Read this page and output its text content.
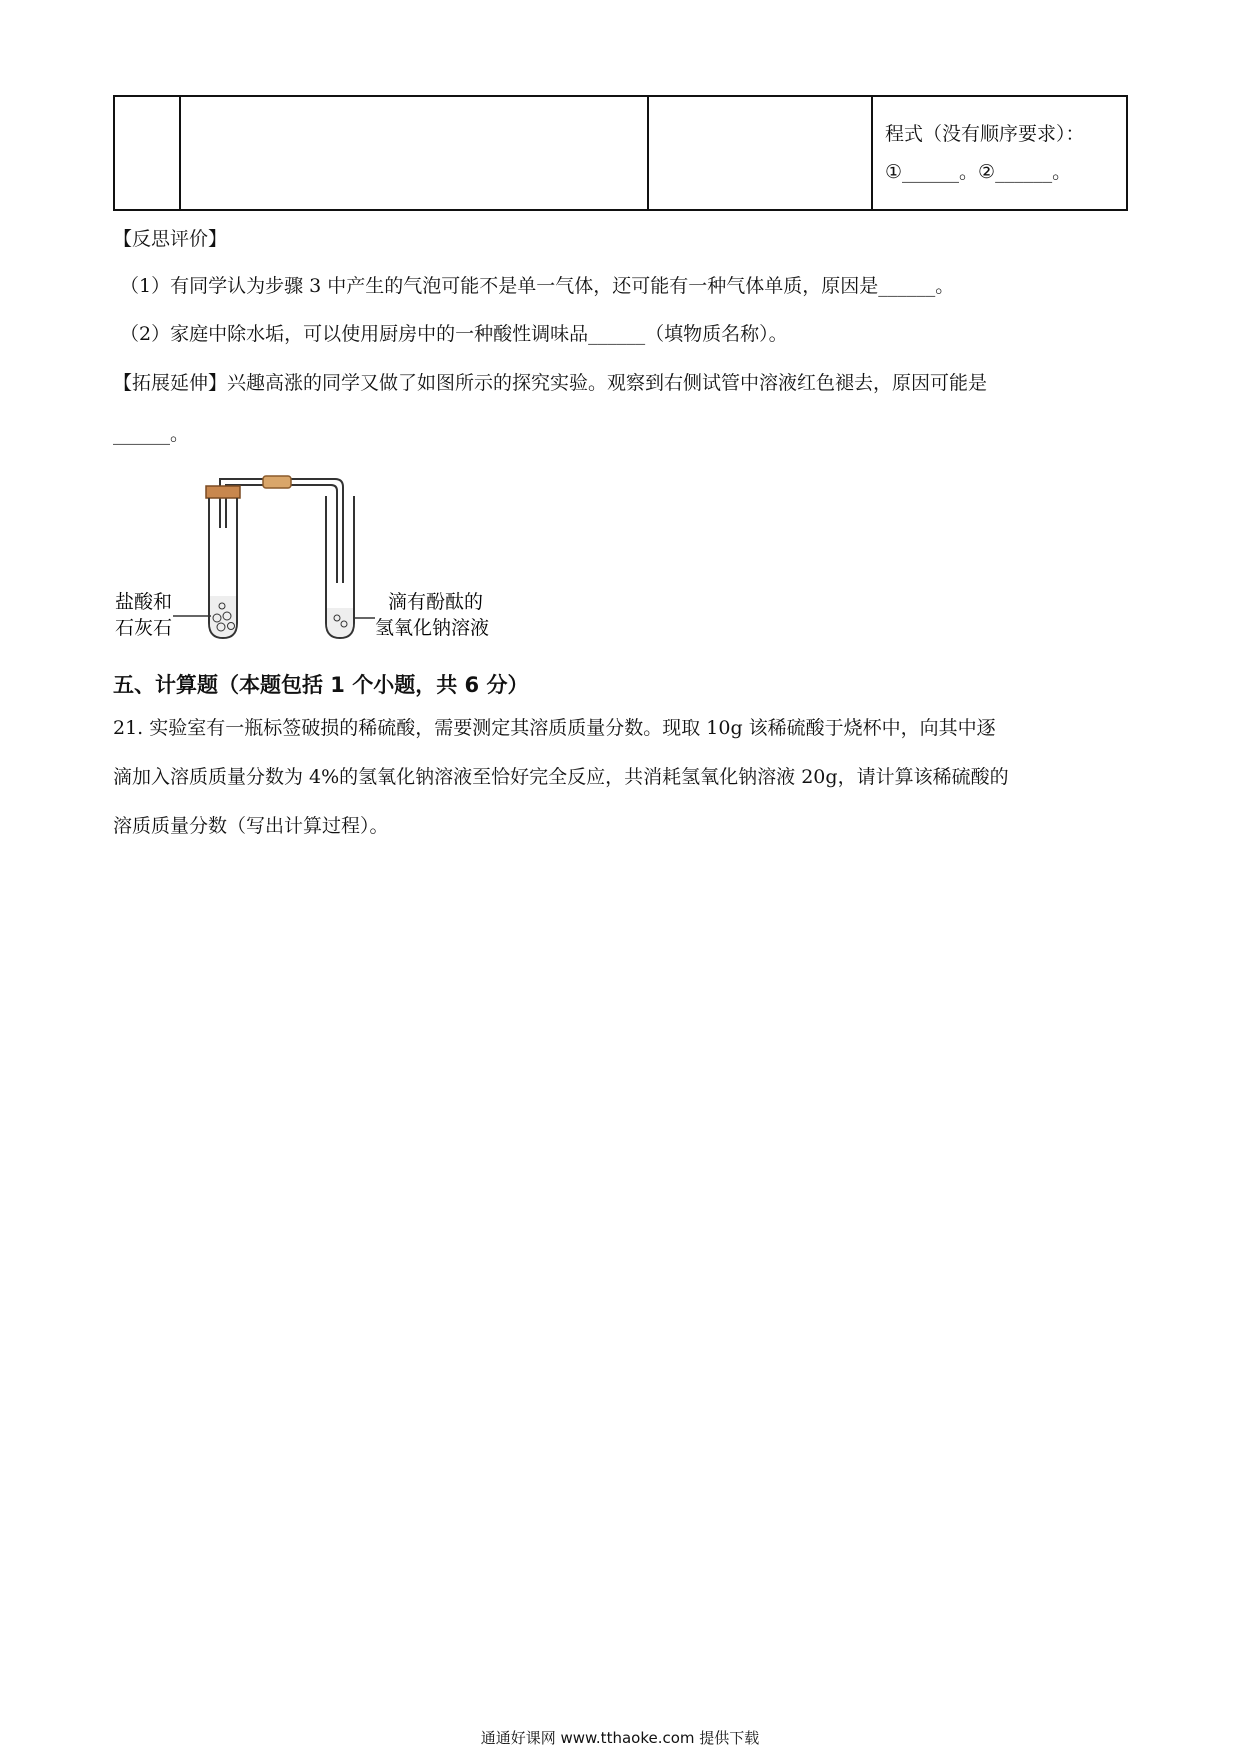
程式（没有顺序要求）：
①______。②______。
【反思评价】
（1）有同学认为步骤 3 中产生的气泡可能不是单一气体，还可能有一种气体单质，原因是______。
（2）家庭中除水垢，可以使用厨房中的一种酸性调味品______（填物质名称）。
【拓展延伸】兴趣高涨的同学又做了如图所示的探究实验。观察到右侧试管中溶液红色褪去，原因可能是
______。
盐酸和
石灰石
滴有酚酞的
氢氧化钠溶液
五、计算题（本题包括 1 个小题，共 6 分）
21. 实验室有一瓶标签破损的稀硫酸，需要测定其溶质质量分数。现取 10g 该稀硫酸于烧杯中，向其中逐
滴加入溶质质量分数为 4%的氢氧化钠溶液至恰好完全反应，共消耗氢氧化钠溶液 20g，请计算该稀硫酸的
溶质质量分数（写出计算过程）。
通通好课网 www.tthaoke.com 提供下载
